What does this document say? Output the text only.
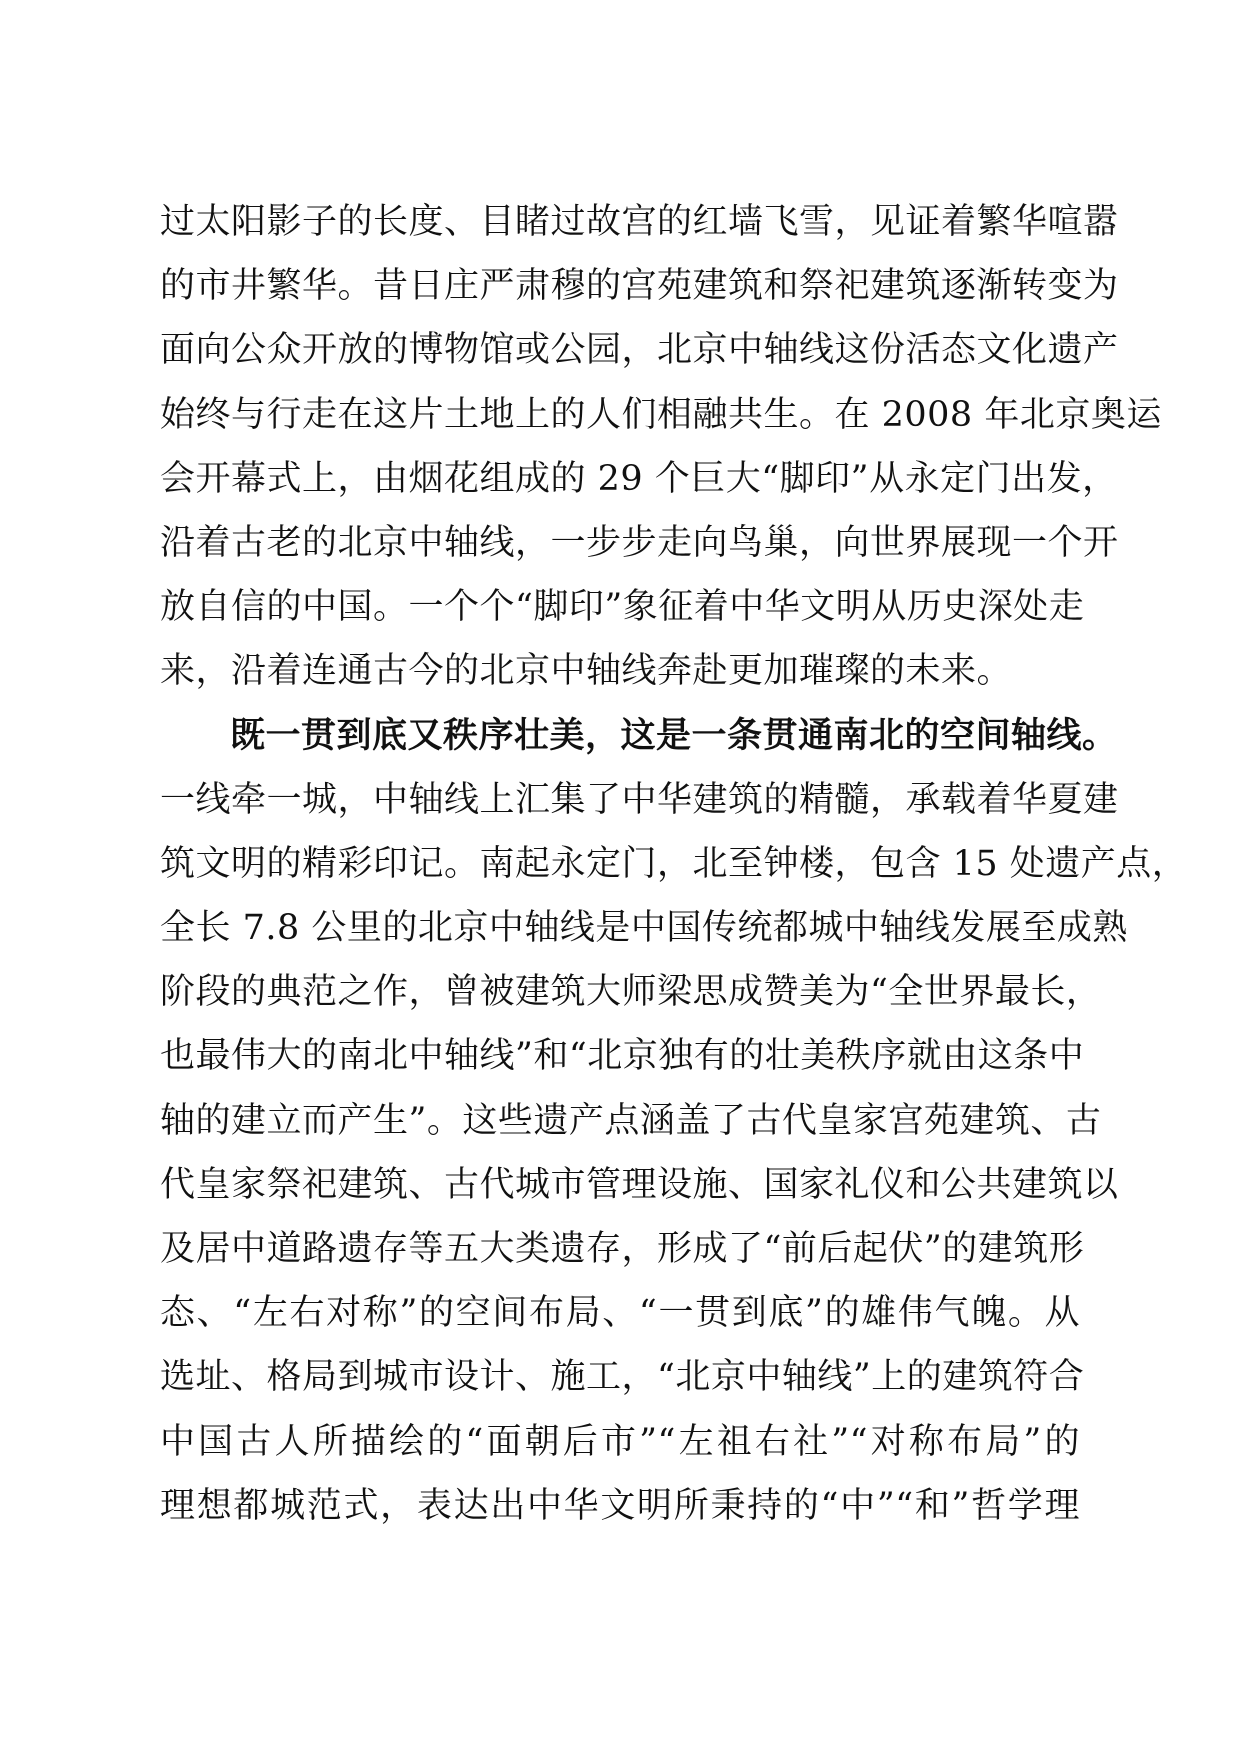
过太阳影子的长度、目睹过故宫的红墙飞雪，见证着繁华喧嚣
的市井繁华。昔日庄严肃穆的宫苑建筑和祭祀建筑逐渐转变为
面向公众开放的博物馆或公园，北京中轴线这份活态文化遗产
始终与行走在这片土地上的人们相融共生。在 2008 年北京奥运
会开幕式上，由烟花组成的 29 个巨大“脚印”从永定门出发，
沿着古老的北京中轴线，一步步走向鸟巢，向世界展现一个开
放自信的中国。一个个“脚印”象征着中华文明从历史深处走
来，沿着连通古今的北京中轴线奔赴更加璀璨的未来。
既一贯到底又秩序壮美，这是一条贯通南北的空间轴线。
一线牵一城，中轴线上汇集了中华建筑的精髓，承载着华夏建
筑文明的精彩印记。南起永定门，北至钟楼，包含 15 处遗产点，
全长 7.8 公里的北京中轴线是中国传统都城中轴线发展至成熟
阶段的典范之作，曾被建筑大师梁思成赞美为“全世界最长，
也最伟大的南北中轴线”和“北京独有的壮美秩序就由这条中
轴的建立而产生”。这些遗产点涵盖了古代皇家宫苑建筑、古
代皇家祭祀建筑、古代城市管理设施、国家礼仪和公共建筑以
及居中道路遗存等五大类遗存，形成了“前后起伏”的建筑形
态、“左右对称”的空间布局、“一贯到底”的雄伟气魄。从
选址、格局到城市设计、施工，“北京中轴线”上的建筑符合
中国古人所描绘的“面朝后市”“左祖右社”“对称布局”的
理想都城范式，表达出中华文明所秉持的“中”“和”哲学理
